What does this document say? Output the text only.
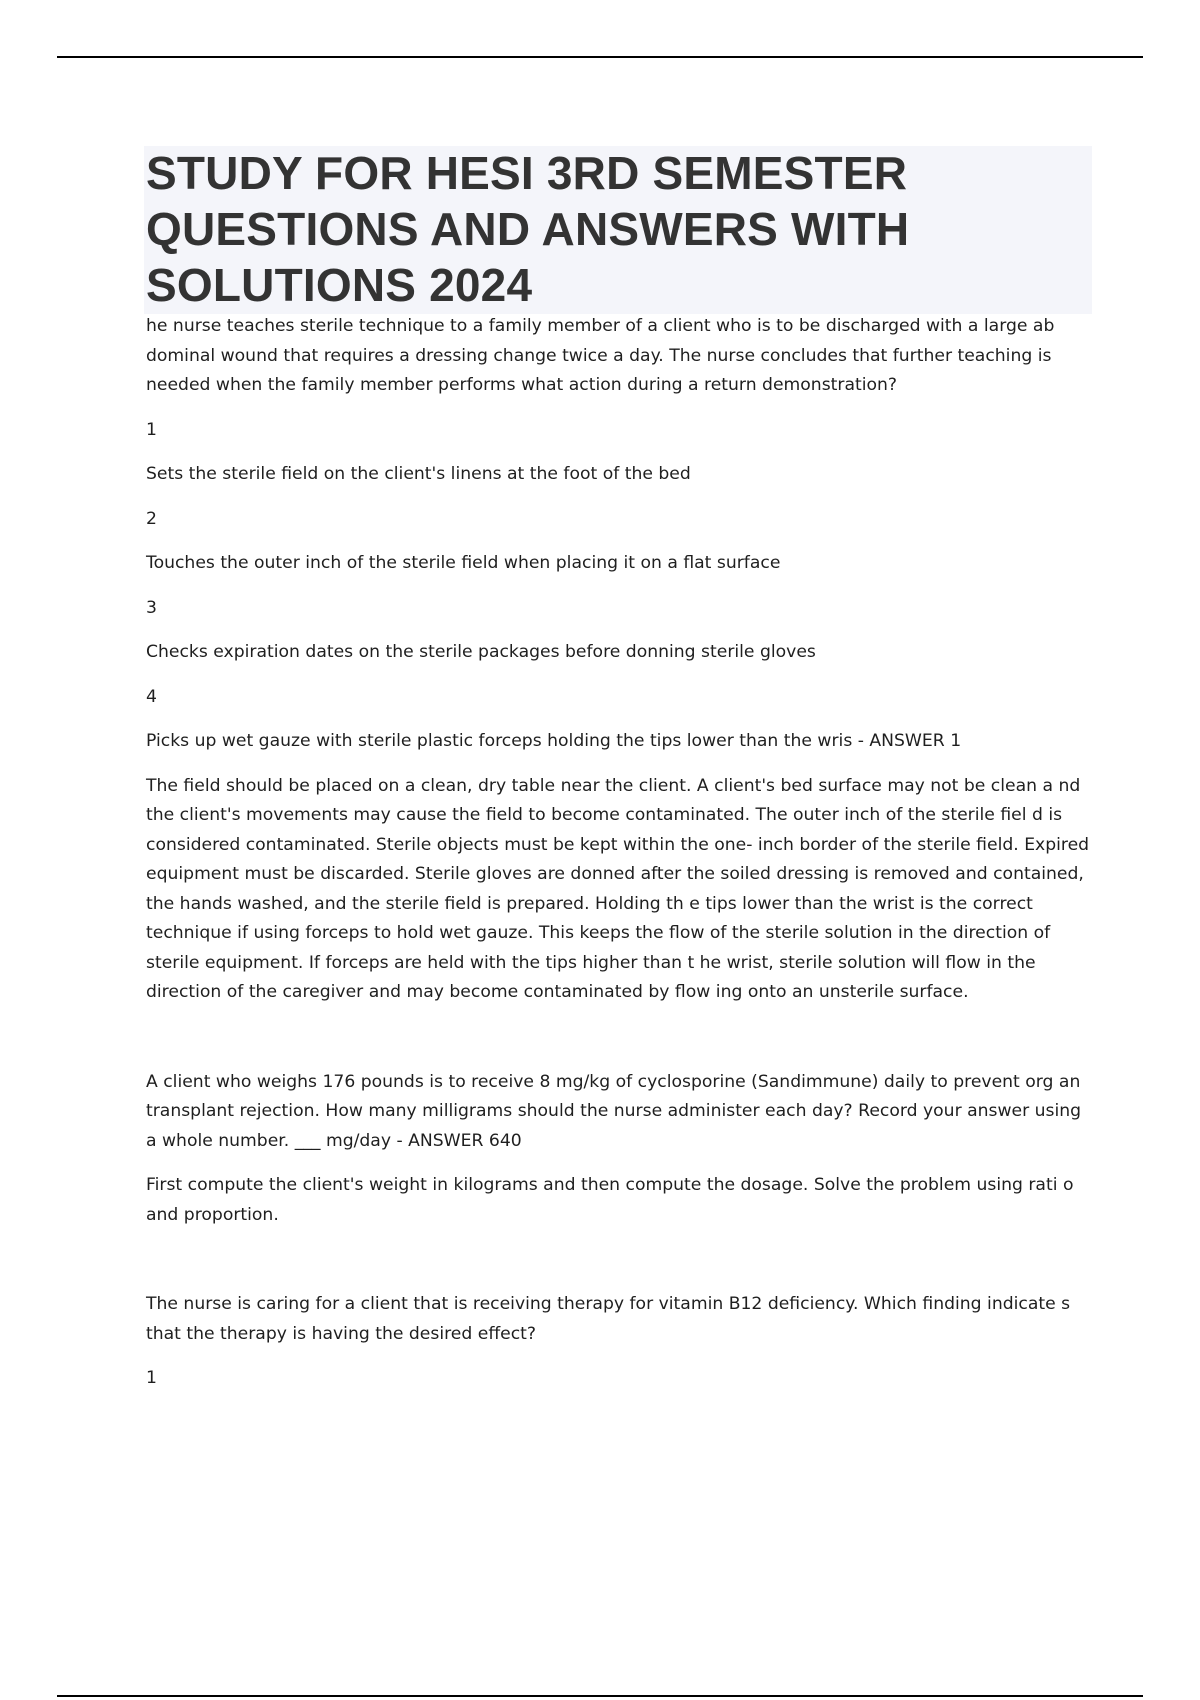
STUDY FOR HESI 3RD SEMESTER QUESTIONS AND ANSWERS WITH SOLUTIONS 2024

he nurse teaches sterile technique to a family member of a client who is to be discharged with a large ab dominal wound that requires a dressing change twice a day. The nurse concludes that further teaching is needed when the family member performs what action during a return demonstration?

1

Sets the sterile field on the client's linens at the foot of the bed

2

Touches the outer inch of the sterile field when placing it on a flat surface

3

Checks expiration dates on the sterile packages before donning sterile gloves

4

Picks up wet gauze with sterile plastic forceps holding the tips lower than the wris - ANSWER 1

The field should be placed on a clean, dry table near the client. A client's bed surface may not be clean a nd the client's movements may cause the field to become contaminated. The outer inch of the sterile fiel d is considered contaminated. Sterile objects must be kept within the one- inch border of the sterile field. Expired equipment must be discarded. Sterile gloves are donned after the soiled dressing is removed and contained, the hands washed, and the sterile field is prepared. Holding th e tips lower than the wrist is the correct technique if using forceps to hold wet gauze. This keeps the flow of the sterile solution in the direction of sterile equipment. If forceps are held with the tips higher than t he wrist, sterile solution will flow in the direction of the caregiver and may become contaminated by flow ing onto an unsterile surface.

A client who weighs 176 pounds is to receive 8 mg/kg of cyclosporine (Sandimmune) daily to prevent org an transplant rejection. How many milligrams should the nurse administer each day? Record your answer using a whole number. ___ mg/day - ANSWER 640

First compute the client's weight in kilograms and then compute the dosage. Solve the problem using rati o and proportion.

The nurse is caring for a client that is receiving therapy for vitamin B12 deficiency. Which finding indicate s that the therapy is having the desired effect?

1
